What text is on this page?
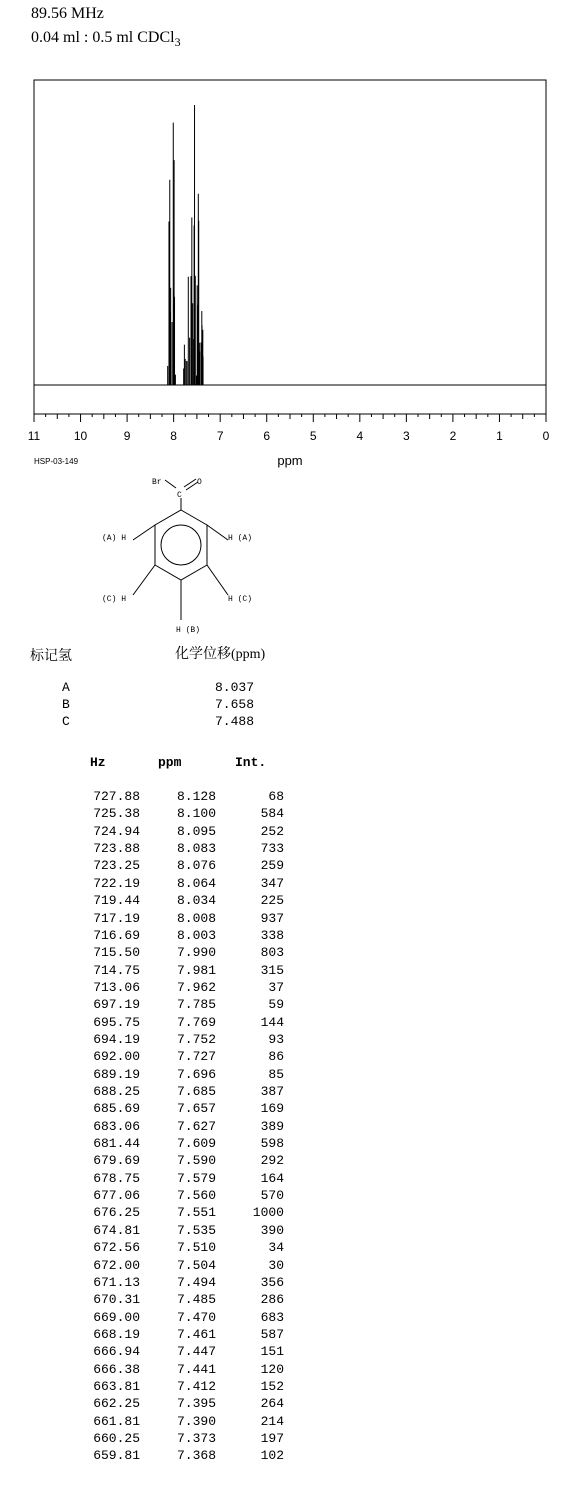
89.56 MHz
0.04 ml : 0.5 ml CDCl$_3$
11	10	9	8	7	6	5	4	3	2	1	0
ppm
HSP-03-149
Br	O
C
(A) H	H (A)
(C) H	H (C)
H (B)
标记氢	化学位移(ppm)
A	8.037
B	7.658
C	7.488
Hz	ppm	Int.
727.88	8.128	68
725.38	8.100	584
724.94	8.095	252
723.88	8.083	733
723.25	8.076	259
722.19	8.064	347
719.44	8.034	225
717.19	8.008	937
716.69	8.003	338
715.50	7.990	803
714.75	7.981	315
713.06	7.962	37
697.19	7.785	59
695.75	7.769	144
694.19	7.752	93
692.00	7.727	86
689.19	7.696	85
688.25	7.685	387
685.69	7.657	169
683.06	7.627	389
681.44	7.609	598
679.69	7.590	292
678.75	7.579	164
677.06	7.560	570
676.25	7.551	1000
674.81	7.535	390
672.56	7.510	34
672.00	7.504	30
671.13	7.494	356
670.31	7.485	286
669.00	7.470	683
668.19	7.461	587
666.94	7.447	151
666.38	7.441	120
663.81	7.412	152
662.25	7.395	264
661.81	7.390	214
660.25	7.373	197
659.81	7.368	102
